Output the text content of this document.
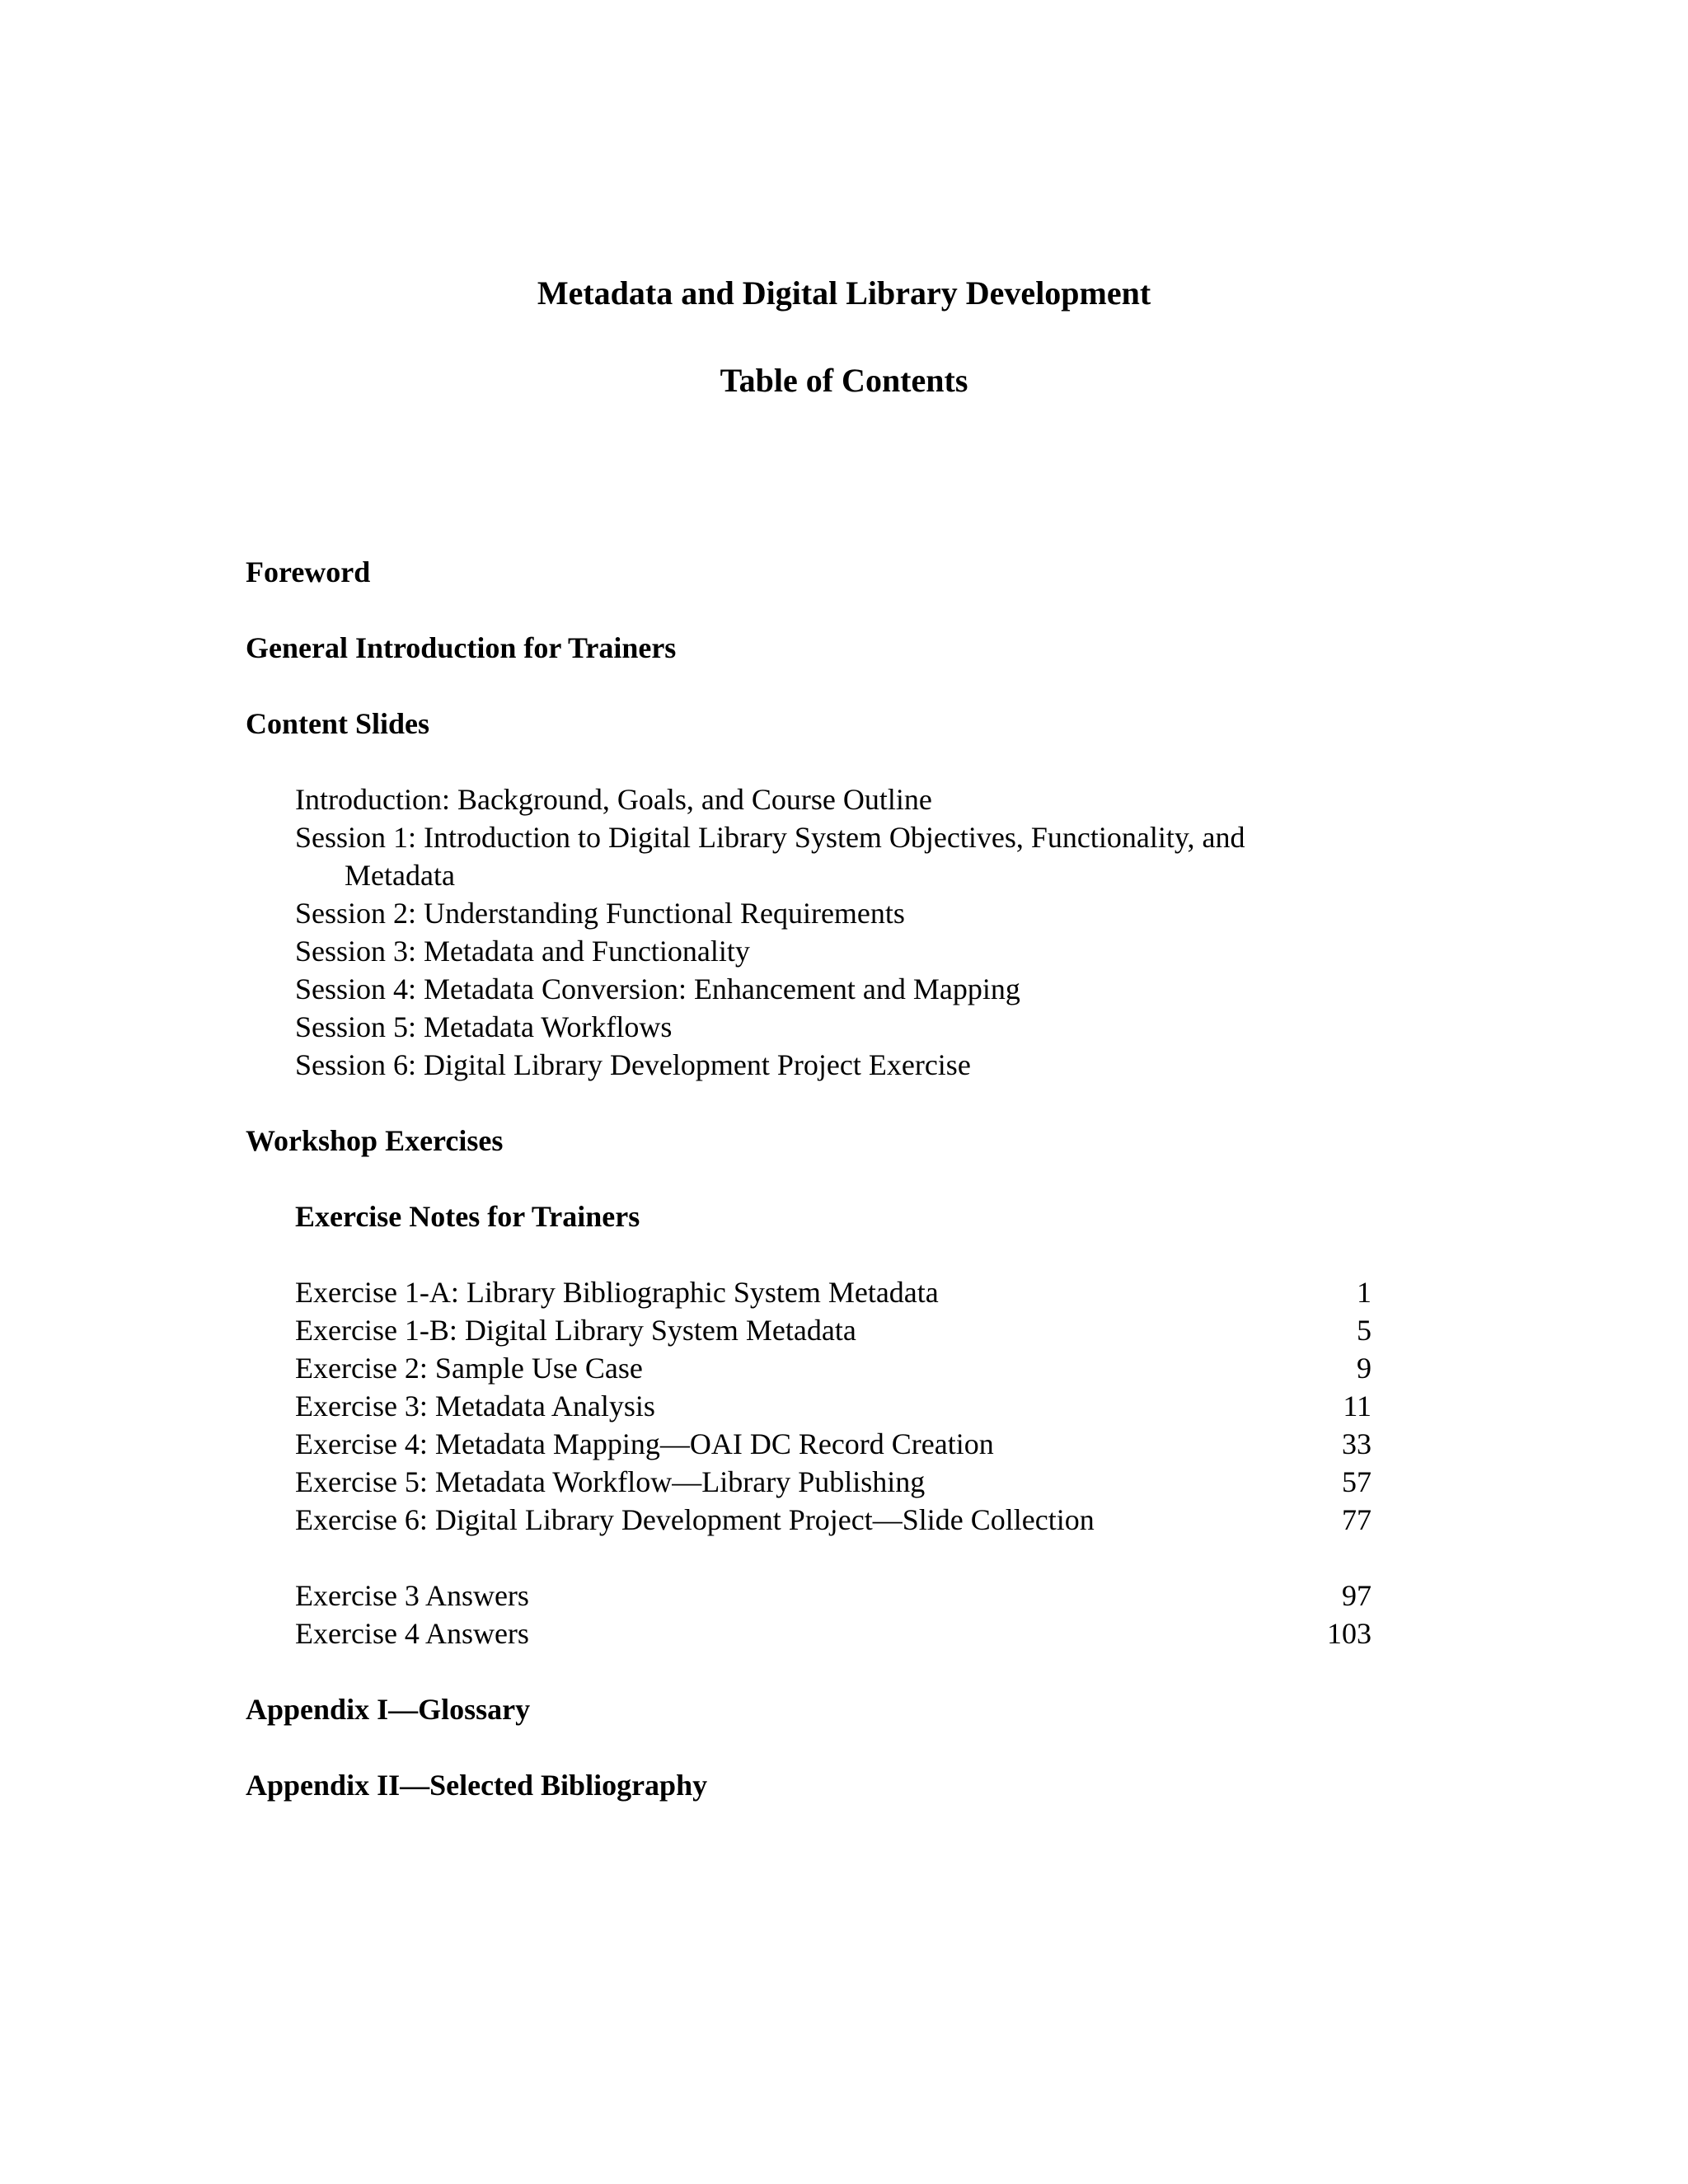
Metadata and Digital Library Development
Table of Contents
Foreword
General Introduction for Trainers
Content Slides
Introduction: Background, Goals, and Course Outline
Session 1: Introduction to Digital Library System Objectives, Functionality, and
Metadata
Session 2: Understanding Functional Requirements
Session 3: Metadata and Functionality
Session 4: Metadata Conversion: Enhancement and Mapping
Session 5: Metadata Workflows
Session 6: Digital Library Development Project Exercise
Workshop Exercises
Exercise Notes for Trainers
Exercise 1-A: Library Bibliographic System Metadata	1
Exercise 1-B: Digital Library System Metadata	5
Exercise 2: Sample Use Case	9
Exercise 3: Metadata Analysis	11
Exercise 4: Metadata Mapping—OAI DC Record Creation	33
Exercise 5: Metadata Workflow—Library Publishing	57
Exercise 6: Digital Library Development Project—Slide Collection	77
Exercise 3 Answers	97
Exercise 4 Answers	103
Appendix I—Glossary
Appendix II—Selected Bibliography
